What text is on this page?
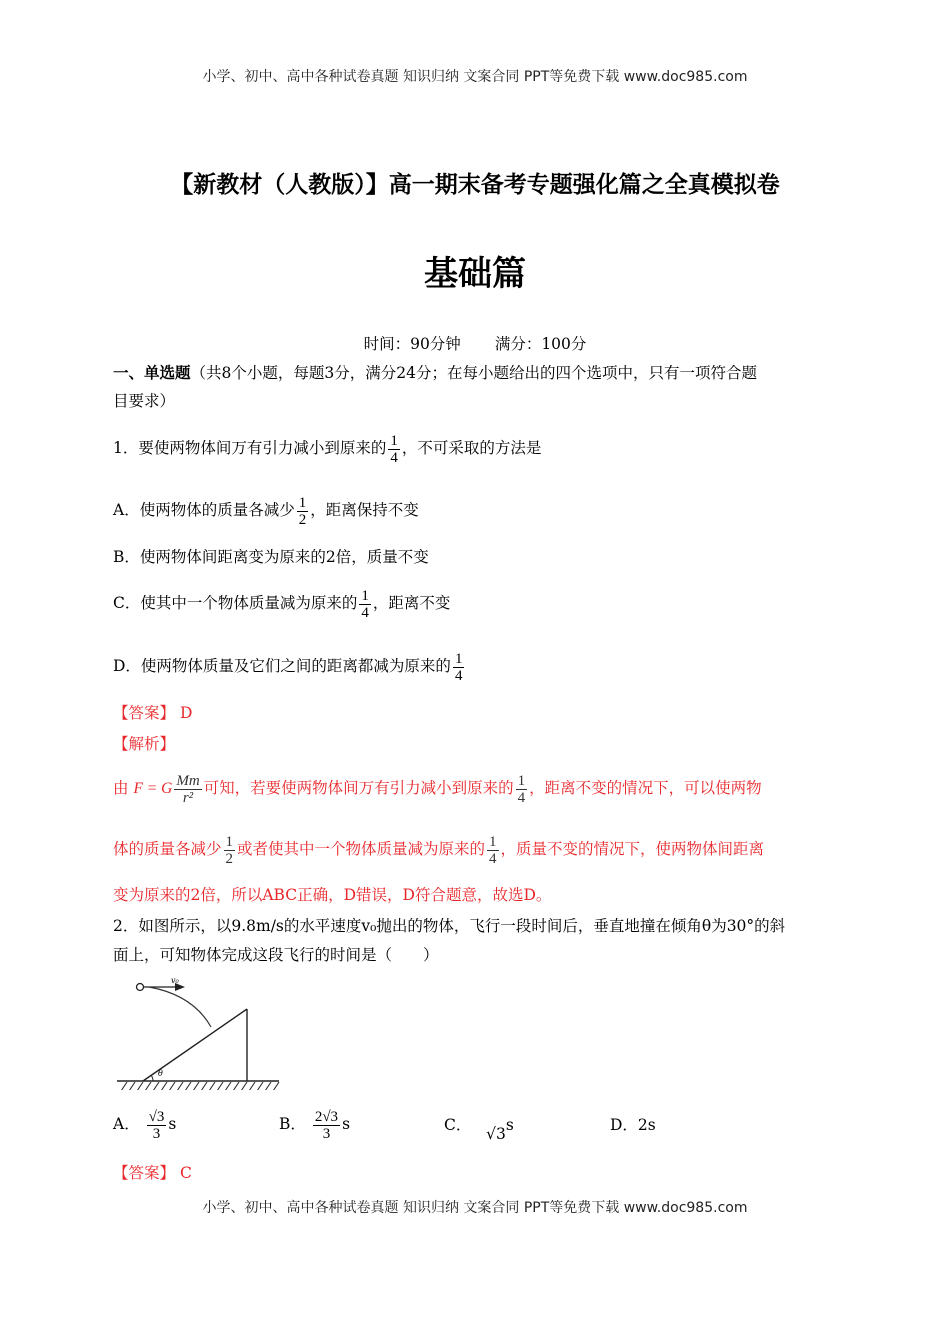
小学、初中、高中各种试卷真题 知识归纳 文案合同 PPT等免费下载 www.doc985.com
【新教材（人教版）】高一期末备考专题强化篇之全真模拟卷
基础篇
时间：90分钟 满分：100分
一、单选题（共8个小题，每题3分，满分24分；在每小题给出的四个选项中，只有一项符合题
目要求）
1．要使两物体间万有引力减小到原来的 $\frac{1}{4}$ ，不可采取的方法是
A．使两物体的质量各减少 $\frac{1}{2}$ ，距离保持不变
B．使两物体间距离变为原来的2倍，质量不变
C．使其中一个物体质量减为原来的 $\frac{1}{4}$ ，距离不变
D．使两物体质量及它们之间的距离都减为原来的 $\frac{1}{4}$
【答案】 D
【解析】
由 F = G $\frac{Mm}{\text{r²}}$ 可知，若要使两物体间万有引力减小到原来的 $\frac{1}{4}$ ，距离不变的情况下，可以使两物
体的质量各减少 $\frac{1}{2}$ 或者使其中一个物体质量减为原来的 $\frac{1}{4}$ ，质量不变的情况下，使两物体间距离
变为原来的2倍，所以ABC正确，D错误，D符合题意，故选D。
2．如图所示，以9.8m/s的水平速度v₀抛出的物体，飞行一段时间后，垂直地撞在倾角θ为30°的斜
面上，可知物体完成这段飞行的时间是（　　）
v₀
θ
A． $\frac{√3}{3}$ s	B． $\frac{2√3}{3}$ s	C． √3s	D．2s
【答案】 C
小学、初中、高中各种试卷真题 知识归纳 文案合同 PPT等免费下载 www.doc985.com
